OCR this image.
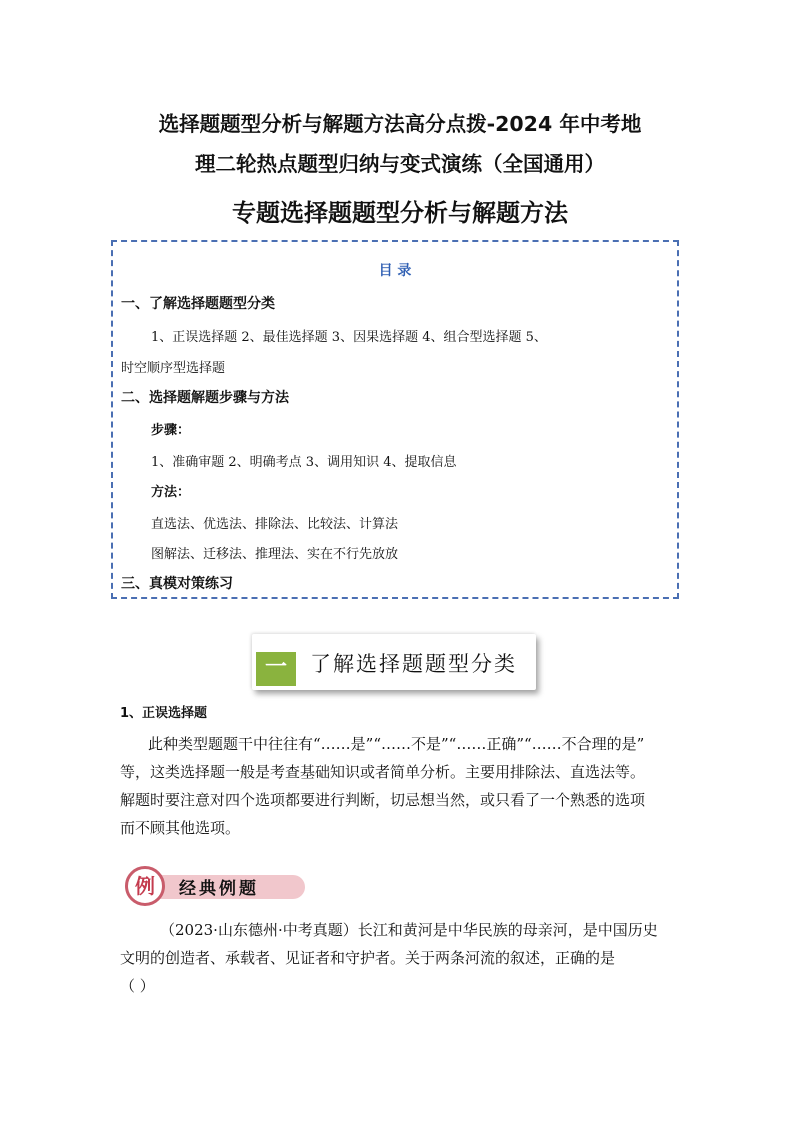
选择题题型分析与解题方法高分点拨-2024 年中考地
理二轮热点题型归纳与变式演练（全国通用）
专题选择题题型分析与解题方法
目 录
一、了解选择题题型分类
1、正误选择题 2、最佳选择题 3、因果选择题 4、组合型选择题 5、
时空顺序型选择题
二、选择题解题步骤与方法
步骤：
1、准确审题 2、明确考点 3、调用知识 4、提取信息
方法：
直选法、优选法、排除法、比较法、计算法
图解法、迁移法、推理法、实在不行先放放
三、真模对策练习
一	了解选择题题型分类
1、正误选择题
此种类型题题干中往往有“……是”“……不是”“……正确”“……不合理的是”
等，这类选择题一般是考查基础知识或者简单分析。主要用排除法、直选法等。
解题时要注意对四个选项都要进行判断，切忌想当然，或只看了一个熟悉的选项
而不顾其他选项。
例	经典例题
（2023·山东德州·中考真题）长江和黄河是中华民族的母亲河，是中国历史
文明的创造者、承载者、见证者和守护者。关于两条河流的叙述，正确的是
（ ）
